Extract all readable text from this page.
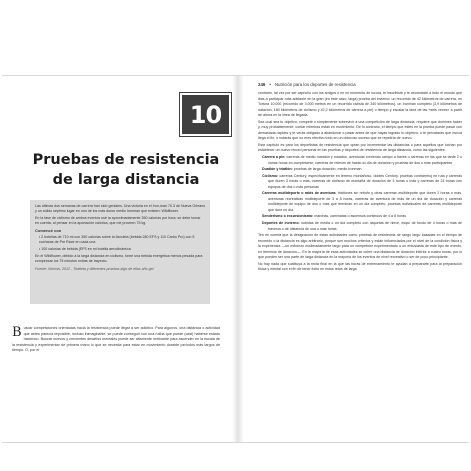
10
Pruebas de resistencia
de larga distancia

Las últimas dos semanas de carrera han sido geniales. Una victoria en el Iron-man 70.3 de Nueva Orleans y un sólido séptimo lugar en uno de los más duros medio Ironman que existen: Wildflower.

En la fase de ciclismo de ambos eventos usé la aproximadamente 350 calorías por hora; se debe tomar en cuenta, al pensar en la aportación calórica, que me proveen 75 kg.

Comencé con

• 2 botellas de 710 ml con 350 calorías sobre la bicicleta (bebida 280 EFS y 110 Carbo Pro) con 5 cucharas de Pre Race en cada una

• 100 calorías de bebida (EFS en mi botella aerodinámica

En el Wildflower, debido a la larga distancia en ciclismo, tomé una bebida energética menos pesada para compensar los 75 minutos extras de trayecto.

Fuente: Nichols, 2012 - Triatleta y diferentes pruebas algo de ellos año gel

Buscar competiciones orientadas hacia la resistencia puede llegar a ser adictivo. Para algunos, una distancia o actividad que antes parecía imposible, incluso inimaginable, se puede conseguir con una rutina que puede (casi) haberse estado haciendo. Buscar nuevos y crecientes desafíos mentales puede ser altamente motivante para ascender en la escala de la resistencia y experimentar de primera mano lo que se necesita para estar en movimiento durante períodos más largos de tiempo. O, por el

246 • Nutrición para los deportes de resistencia

contrario, tal vez por ser capricho con los amigos o en un momento de locura, te inscribiste y te anunciaste a todo el mundo que ibas a participar más adelante en la gran (en este caso, larga) prueba del invierno: un recorrido de 42 kilómetros de carrera, un Tortura 10.000 (recorrido de 3.000 metros en un recorrido ciclista de 340 kilómetros), un Ironman completo (3,9 kilómetros de natación, 180 kilómetros de ciclismo y 42,2 kilómetros de carrera a pie) o tiempo y escalar la idea de las «seis veces» a partir de ahora en la línea de llegada.

Sea cual sea tu objetivo, competir o simplemente sobrevivir a una competición de larga distancia, requiere que domines haber y, muy probablemente, contar mientras estás en movimiento. De lo contrario, el tiempo que estés en la prueba puede pasar con demasiada rapidez y te verás obligado a abandonar o pasar antes de que hayas logrado tu objetivo, o te percatarás que nunca llega el fin, o notarás que no eres efectivo todo en un doloroso suceso que se repetiría de nuevo.

Este capítulo es para los deportistas de resistencia que optan por incrementar las distancias o para aquellos que luchan por establecer un nuevo récord personal en las pruebas y deportes de resistencia de larga distancia, como las siguientes:

Carrera a pie: carreras de medio maratón y maratón, aventuras corriendo campo a través o carreras en las que se tarde 2 o varias horas en completarse, carreras de relevos de hasta un día de duración y pruebas de dos o más participantes

Duatlón y triatlón: pruebas de larga duración, medio Ironman

Ciclismo: carreras Century, específicamente en terreno montañoso, dobles Century, pruebas contrarreloj en ruta y carreras que duren 3 horas o más, carreras de ciclismo de montaña de duración de 3 horas o más y carreras de 24 horas con equipos de dos o más personas

Carreras multideporte o raids de aventura: triatlones sin rebufo y otras carreras multideporte que duren 2 horas o más, aventuras recreativas multideporte de 3 a 8 horas, carreras de aventura de más de un día de duración y carreras multideporte de equipo de dos o más que terminan en un día completo, pruebas individuales de carreras multideporte que dure un día

Senderismo o excursionismo: marchas, caminatas o ascensos continuos de 4 a 8 horas

Deportes de invierno: subidas de media o un día completo con raquetas de nieve, esquí de fondo de 4 horas o más de travesía o de distancia de una o más horas

Ten en cuenta que la designación de estas actividades como pruebas de resistencia de rango largo basadas en el tiempo de recorrido o la distancia es algo arbitrario, porque son muchos criterios y están influenciados por el nivel de la condición física y la experiencia —un esfuerzo moderadamente largo para un competidor experimentado o un entusiasta de este tipo de evento, en términos de duración—. En la mayoría de esas actividades se cubre una distancia de duración inferior a cuatro horas, por lo que pueden ser una parte de larga distancia en la mayoría de los eventos de nivel recreativo o ser de poco principiante.

No hay nada que sustituya a la recta final en la que las horas de entrenamiento te ayudan a prepararte para la preparación física y mental con el fin de tener éxito en estos retos de larga
